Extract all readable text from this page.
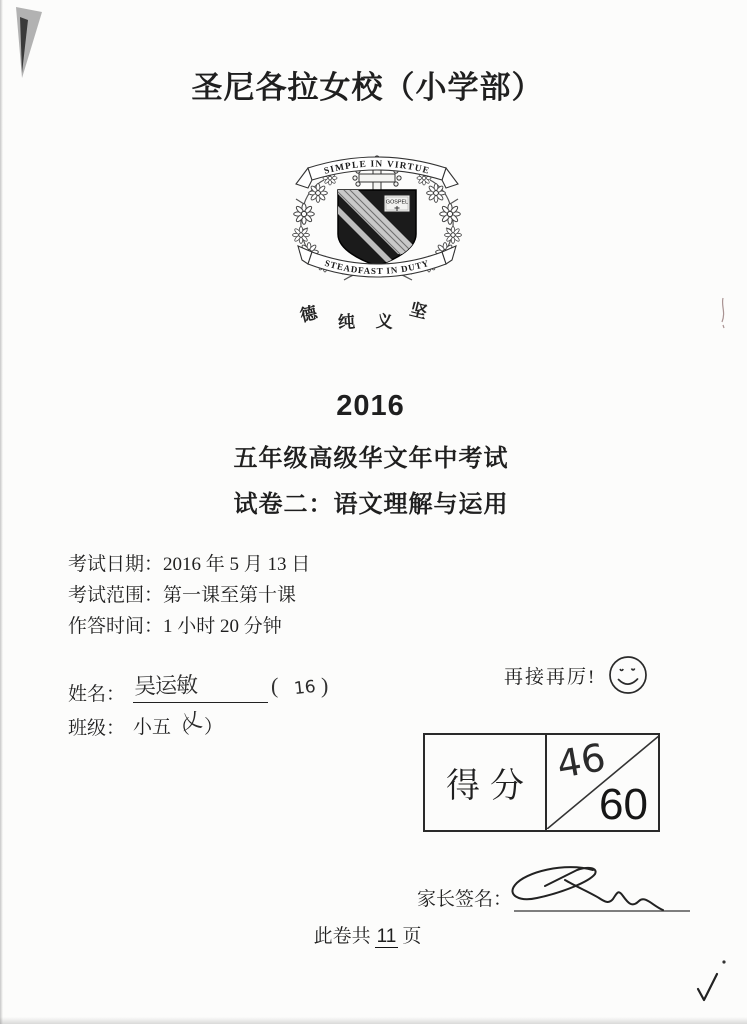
圣尼各拉女校（小学部）
GOSPEL
SIMPLE IN VIRTUE
STEADFAST IN DUTY
德 纯 义 坚
2016
五年级高级华文年中考试
试卷二：语文理解与运用
考试日期：2016 年 5 月 13 日
考试范围：第一课至第十课
作答时间：1 小时 20 分钟
姓名： 吴运敏	( 16 )
班级： 小五（
乂 ）
再接再厉!
得分 46
60
家长签名：
此卷共 11 页
